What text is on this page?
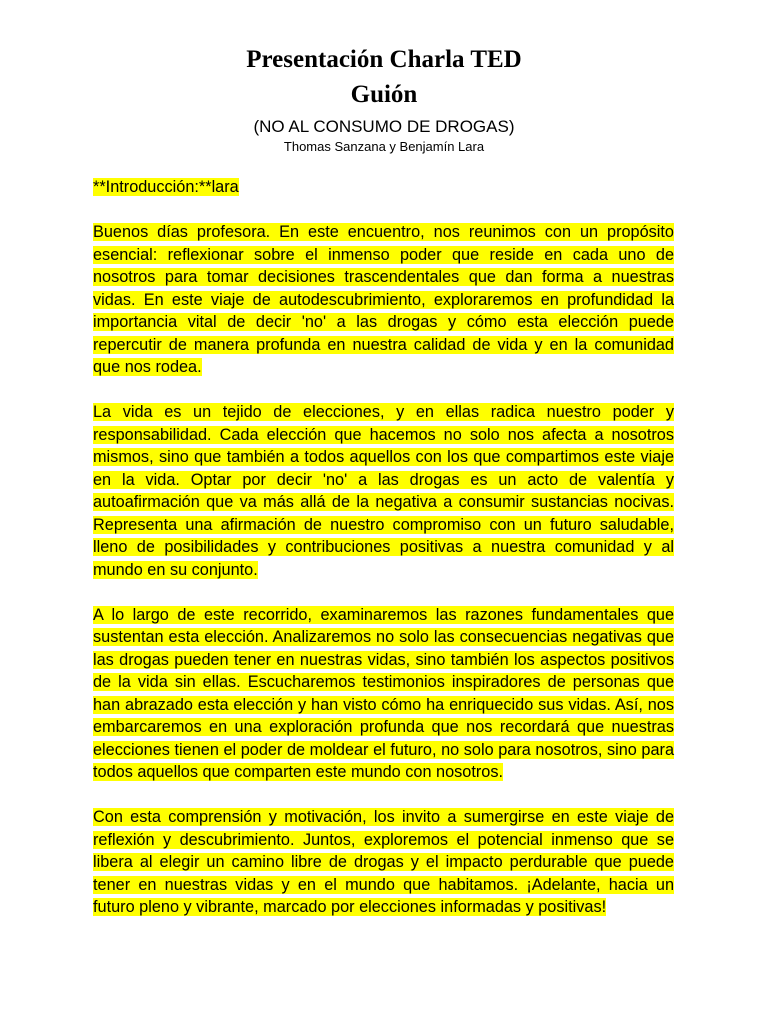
Presentación Charla TED
Guión

(NO AL CONSUMO DE DROGAS)

Thomas Sanzana y Benjamín Lara

**Introducción:**lara

Buenos días profesora. En este encuentro, nos reunimos con un propósito esencial: reflexionar sobre el inmenso poder que reside en cada uno de nosotros para tomar decisiones trascendentales que dan forma a nuestras vidas. En este viaje de autodescubrimiento, exploraremos en profundidad la importancia vital de decir 'no' a las drogas y cómo esta elección puede repercutir de manera profunda en nuestra calidad de vida y en la comunidad que nos rodea.

La vida es un tejido de elecciones, y en ellas radica nuestro poder y responsabilidad. Cada elección que hacemos no solo nos afecta a nosotros mismos, sino que también a todos aquellos con los que compartimos este viaje en la vida. Optar por decir 'no' a las drogas es un acto de valentía y autoafirmación que va más allá de la negativa a consumir sustancias nocivas. Representa una afirmación de nuestro compromiso con un futuro saludable, lleno de posibilidades y contribuciones positivas a nuestra comunidad y al mundo en su conjunto.

A lo largo de este recorrido, examinaremos las razones fundamentales que sustentan esta elección. Analizaremos no solo las consecuencias negativas que las drogas pueden tener en nuestras vidas, sino también los aspectos positivos de la vida sin ellas. Escucharemos testimonios inspiradores de personas que han abrazado esta elección y han visto cómo ha enriquecido sus vidas. Así, nos embarcaremos en una exploración profunda que nos recordará que nuestras elecciones tienen el poder de moldear el futuro, no solo para nosotros, sino para todos aquellos que comparten este mundo con nosotros.

Con esta comprensión y motivación, los invito a sumergirse en este viaje de reflexión y descubrimiento. Juntos, exploremos el potencial inmenso que se libera al elegir un camino libre de drogas y el impacto perdurable que puede tener en nuestras vidas y en el mundo que habitamos. ¡Adelante, hacia un futuro pleno y vibrante, marcado por elecciones informadas y positivas!
